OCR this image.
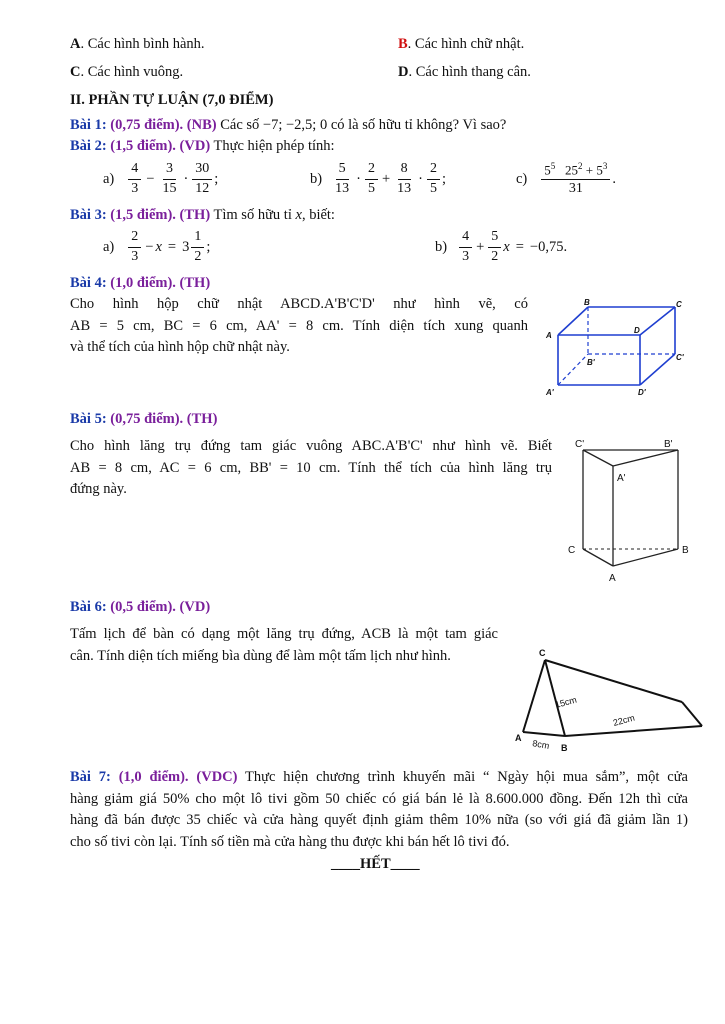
A. Các hình bình hành.	B. Các hình chữ nhật.
C. Các hình vuông.	D. Các hình thang cân.
II. PHẦN TỰ LUẬN (7,0 ĐIỂM)
Bài 1: (0,75 điểm). (NB) Các số −7; −2,5; 0 có là số hữu tỉ không? Vì sao?
Bài 2: (1,5 điểm). (VD) Thực hiện phép tính:
$a) \frac{4}{3} - \frac{3}{15} \cdot \frac{30}{12}$ ;	$b) \frac{5}{13} \cdot \frac{2}{5} + \frac{8}{13} \cdot \frac{2}{5}$ ;	$c) \frac{5^5 25^2 + 5^3}{31}$ .
Bài 3: (1,5 điểm). (TH) Tìm số hữu tỉ x, biết:
$a) \frac{2}{3} - x = 3 \frac{1}{2}$ ;	$b) \frac{4}{3} + \frac{5}{2}$ x = −0,75 .
Bài 4: (1,0 điểm). (TH)
Cho hình hộp chữ nhật ABCD.A'B'C'D' như hình vẽ, có
AB = 5 cm, BC = 6 cm, AA' = 8 cm. Tính diện tích xung quanh
và thể tích của hình hộp chữ nhật này.
B	C
A
D
C'
B'
A'	D'
Bài 5: (0,75 điểm). (TH)
Cho hình lăng trụ đứng tam giác vuông ABC.A'B'C' như hình vẽ. Biết
AB = 8 cm, AC = 6 cm, BB' = 10 cm. Tính thể tích của hình lăng trụ
đứng này.
C'	B'
A'
C	B
A
Bài 6: (0,5 điểm). (VD)
Tấm lịch để bàn có dạng một lăng trụ đứng, ACB là một tam giác
cân. Tính diện tích miếng bìa dùng để làm một tấm lịch như hình.	C
A
B
15cm
22cm
8cm
Bài 7: (1,0 điểm). (VDC) Thực hiện chương trình khuyến mãi “ Ngày hội mua sắm”, một cửa
hàng giảm giá 50% cho một lô tivi gồm 50 chiếc có giá bán lẻ là 8.600.000 đồng. Đến 12h thì cửa
hàng đã bán được 35 chiếc và cửa hàng quyết định giảm thêm 10% nữa (so với giá đã giảm lần 1)
cho số tivi còn lại. Tính số tiền mà cửa hàng thu được khi bán hết lô tivi đó.
____HẾT____
